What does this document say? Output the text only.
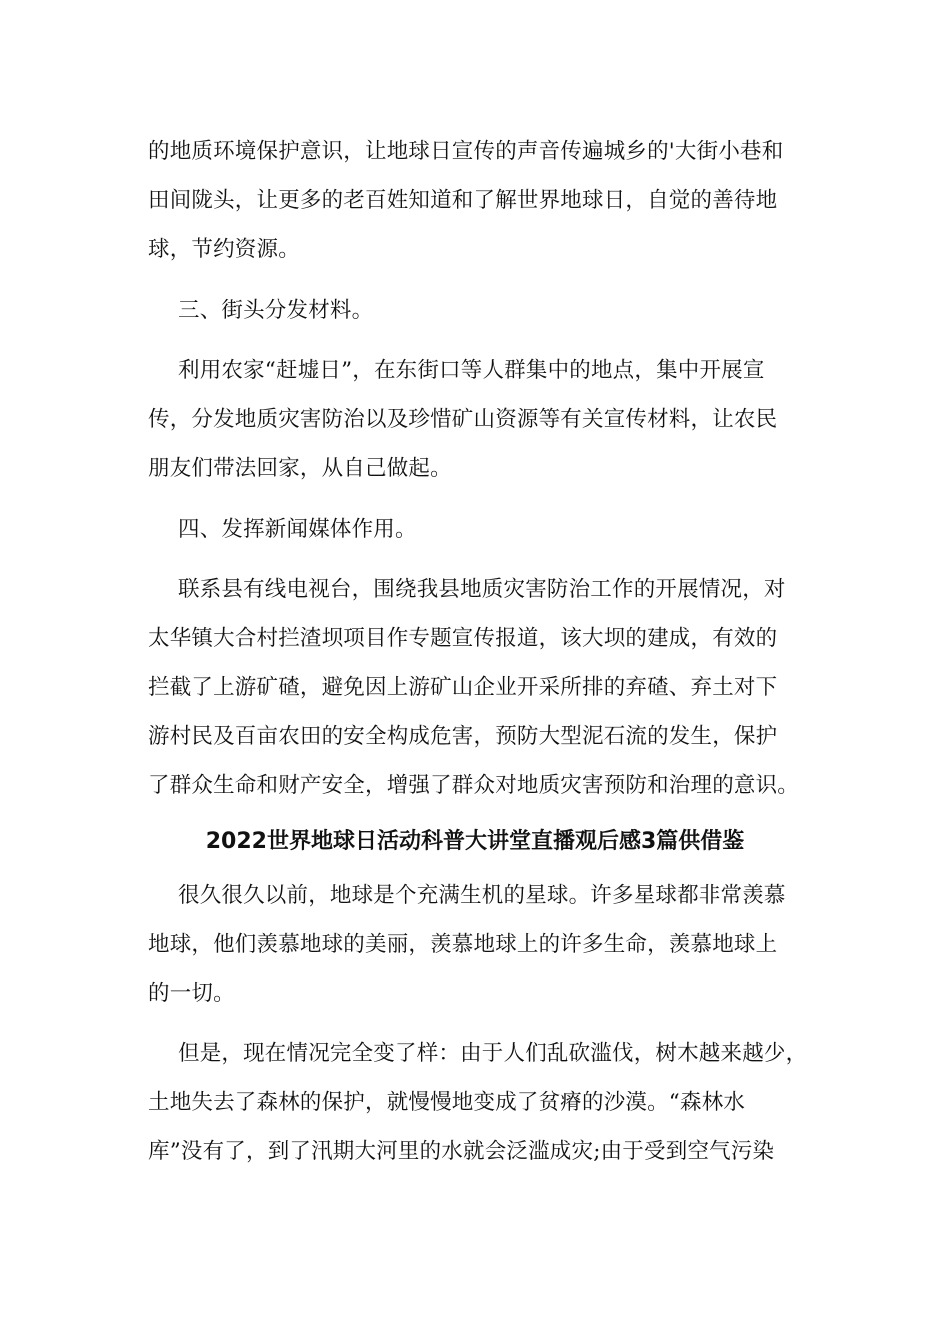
的地质环境保护意识，让地球日宣传的声音传遍城乡的'大街小巷和
田间陇头，让更多的老百姓知道和了解世界地球日，自觉的善待地
球，节约资源。
三、街头分发材料。
利用农家“赶墟日”，在东街口等人群集中的地点，集中开展宣
传，分发地质灾害防治以及珍惜矿山资源等有关宣传材料，让农民
朋友们带法回家，从自己做起。
四、发挥新闻媒体作用。
联系县有线电视台，围绕我县地质灾害防治工作的开展情况，对
太华镇大合村拦渣坝项目作专题宣传报道，该大坝的建成，有效的
拦截了上游矿碴，避免因上游矿山企业开采所排的弃碴、弃土对下
游村民及百亩农田的安全构成危害，预防大型泥石流的发生，保护
了群众生命和财产安全，增强了群众对地质灾害预防和治理的意识。
2022世界地球日活动科普大讲堂直播观后感3篇供借鉴
很久很久以前，地球是个充满生机的星球。许多星球都非常羡慕
地球，他们羡慕地球的美丽，羡慕地球上的许多生命，羡慕地球上
的一切。
但是，现在情况完全变了样：由于人们乱砍滥伐，树木越来越少，
土地失去了森林的保护，就慢慢地变成了贫瘠的沙漠。“森林水
库”没有了，到了汛期大河里的水就会泛滥成灾;由于受到空气污染
